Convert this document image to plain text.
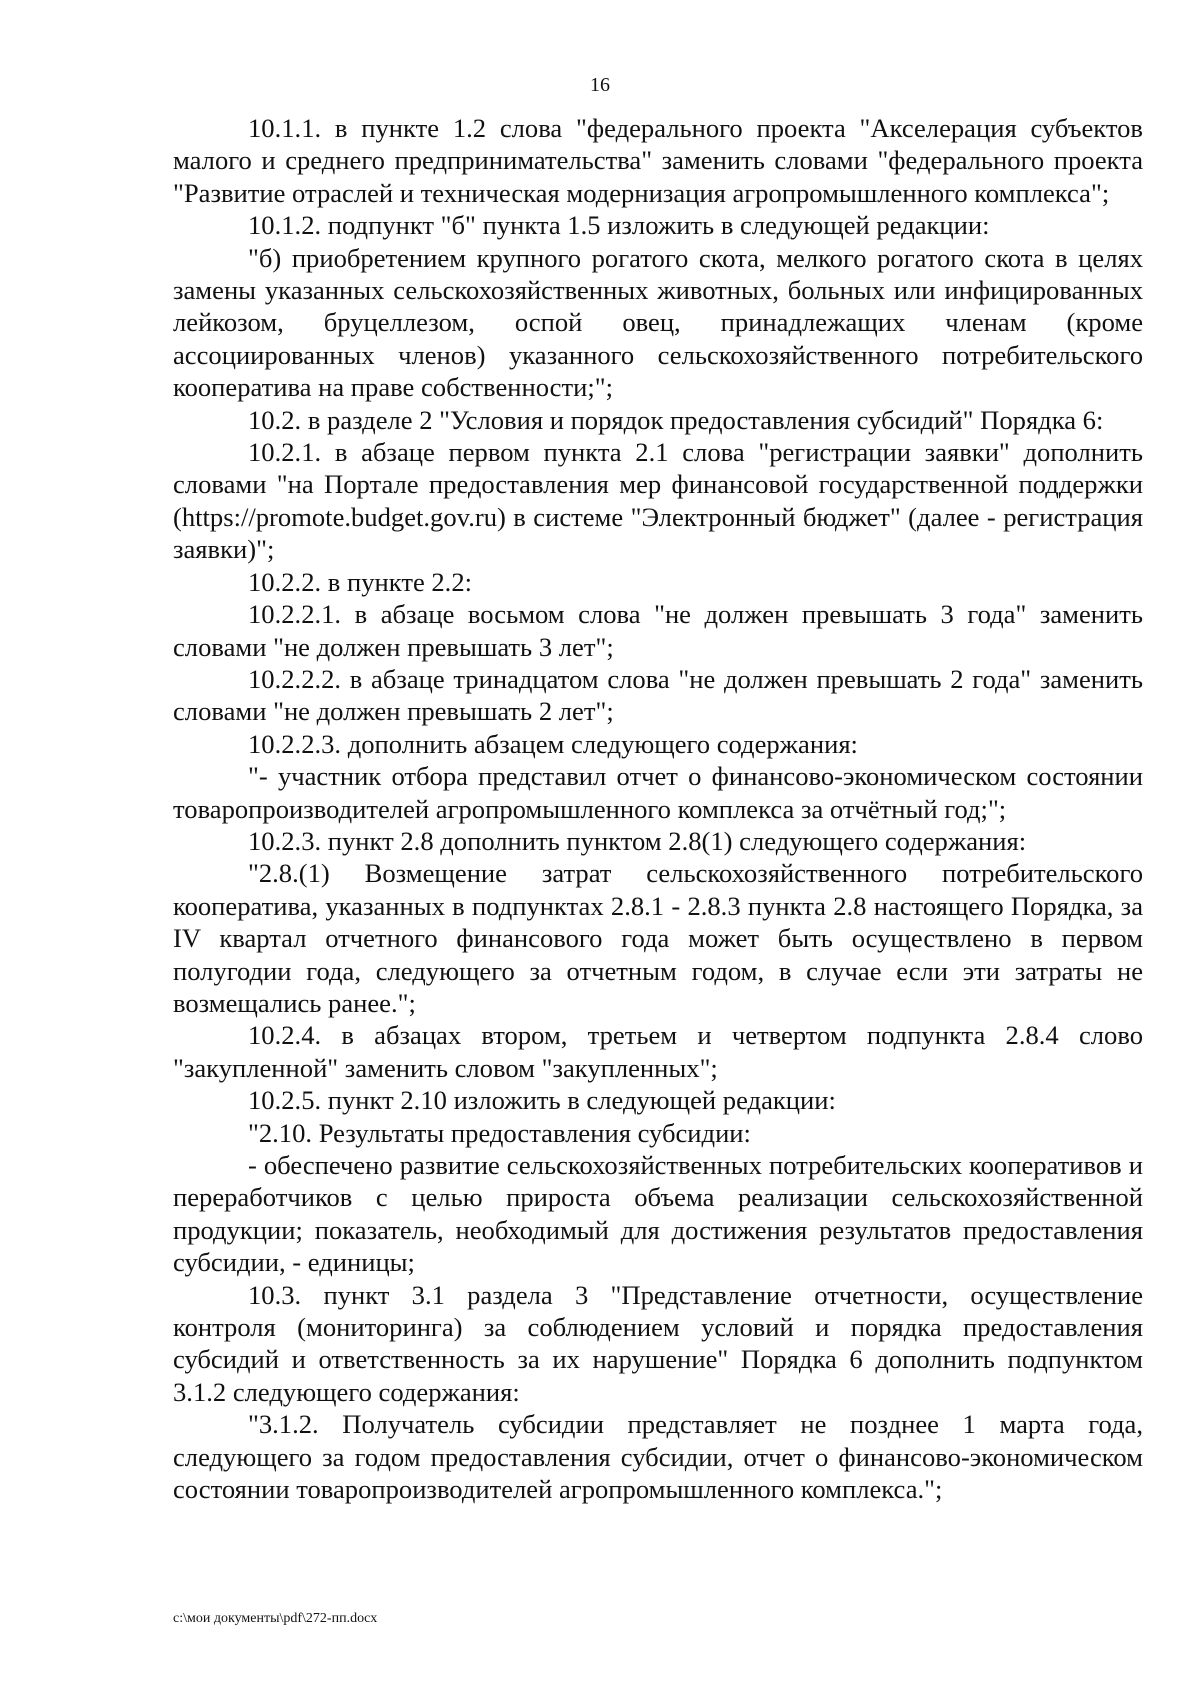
16

10.1.1. в пункте 1.2 слова "федерального проекта "Акселерация субъектов малого и среднего предпринимательства" заменить словами "федерального проекта "Развитие отраслей и техническая модернизация агропромышленного комплекса";

10.1.2. подпункт "б" пункта 1.5 изложить в следующей редакции:

"б) приобретением крупного рогатого скота, мелкого рогатого скота в целях замены указанных сельскохозяйственных животных, больных или инфицированных лейкозом, бруцеллезом, оспой овец, принадлежащих членам (кроме ассоциированных членов) указанного сельскохозяйственного потребительского кооператива на праве собственности;";

10.2. в разделе 2 "Условия и порядок предоставления субсидий" Порядка 6:

10.2.1. в абзаце первом пункта 2.1 слова "регистрации заявки" дополнить словами "на Портале предоставления мер финансовой государственной поддержки (https://promote.budget.gov.ru) в системе "Электронный бюджет" (далее - регистрация заявки)";

10.2.2. в пункте 2.2:

10.2.2.1. в абзаце восьмом слова "не должен превышать 3 года" заменить словами "не должен превышать 3 лет";

10.2.2.2. в абзаце тринадцатом слова "не должен превышать 2 года" заменить словами "не должен превышать 2 лет";

10.2.2.3. дополнить абзацем следующего содержания:

"- участник отбора представил отчет о финансово-экономическом состоянии товаропроизводителей агропромышленного комплекса за отчётный год;";

10.2.3. пункт 2.8 дополнить пунктом 2.8(1) следующего содержания:

"2.8.(1) Возмещение затрат сельскохозяйственного потребительского кооператива, указанных в подпунктах 2.8.1 - 2.8.3 пункта 2.8 настоящего Порядка, за IV квартал отчетного финансового года может быть осуществлено в первом полугодии года, следующего за отчетным годом, в случае если эти затраты не возмещались ранее.";

10.2.4. в абзацах втором, третьем и четвертом подпункта 2.8.4 слово "закупленной" заменить словом "закупленных";

10.2.5. пункт 2.10 изложить в следующей редакции:

"2.10. Результаты предоставления субсидии:

- обеспечено развитие сельскохозяйственных потребительских кооперативов и переработчиков с целью прироста объема реализации сельскохозяйственной продукции; показатель, необходимый для достижения результатов предоставления субсидии, - единицы;

10.3. пункт 3.1 раздела 3 "Представление отчетности, осуществление контроля (мониторинга) за соблюдением условий и порядка предоставления субсидий и ответственность за их нарушение" Порядка 6 дополнить подпунктом 3.1.2 следующего содержания:

"3.1.2. Получатель субсидии представляет не позднее 1 марта года, следующего за годом предоставления субсидии, отчет о финансово-экономическом состоянии товаропроизводителей агропромышленного комплекса.";

c:\мои документы\pdf\272-пп.docx
